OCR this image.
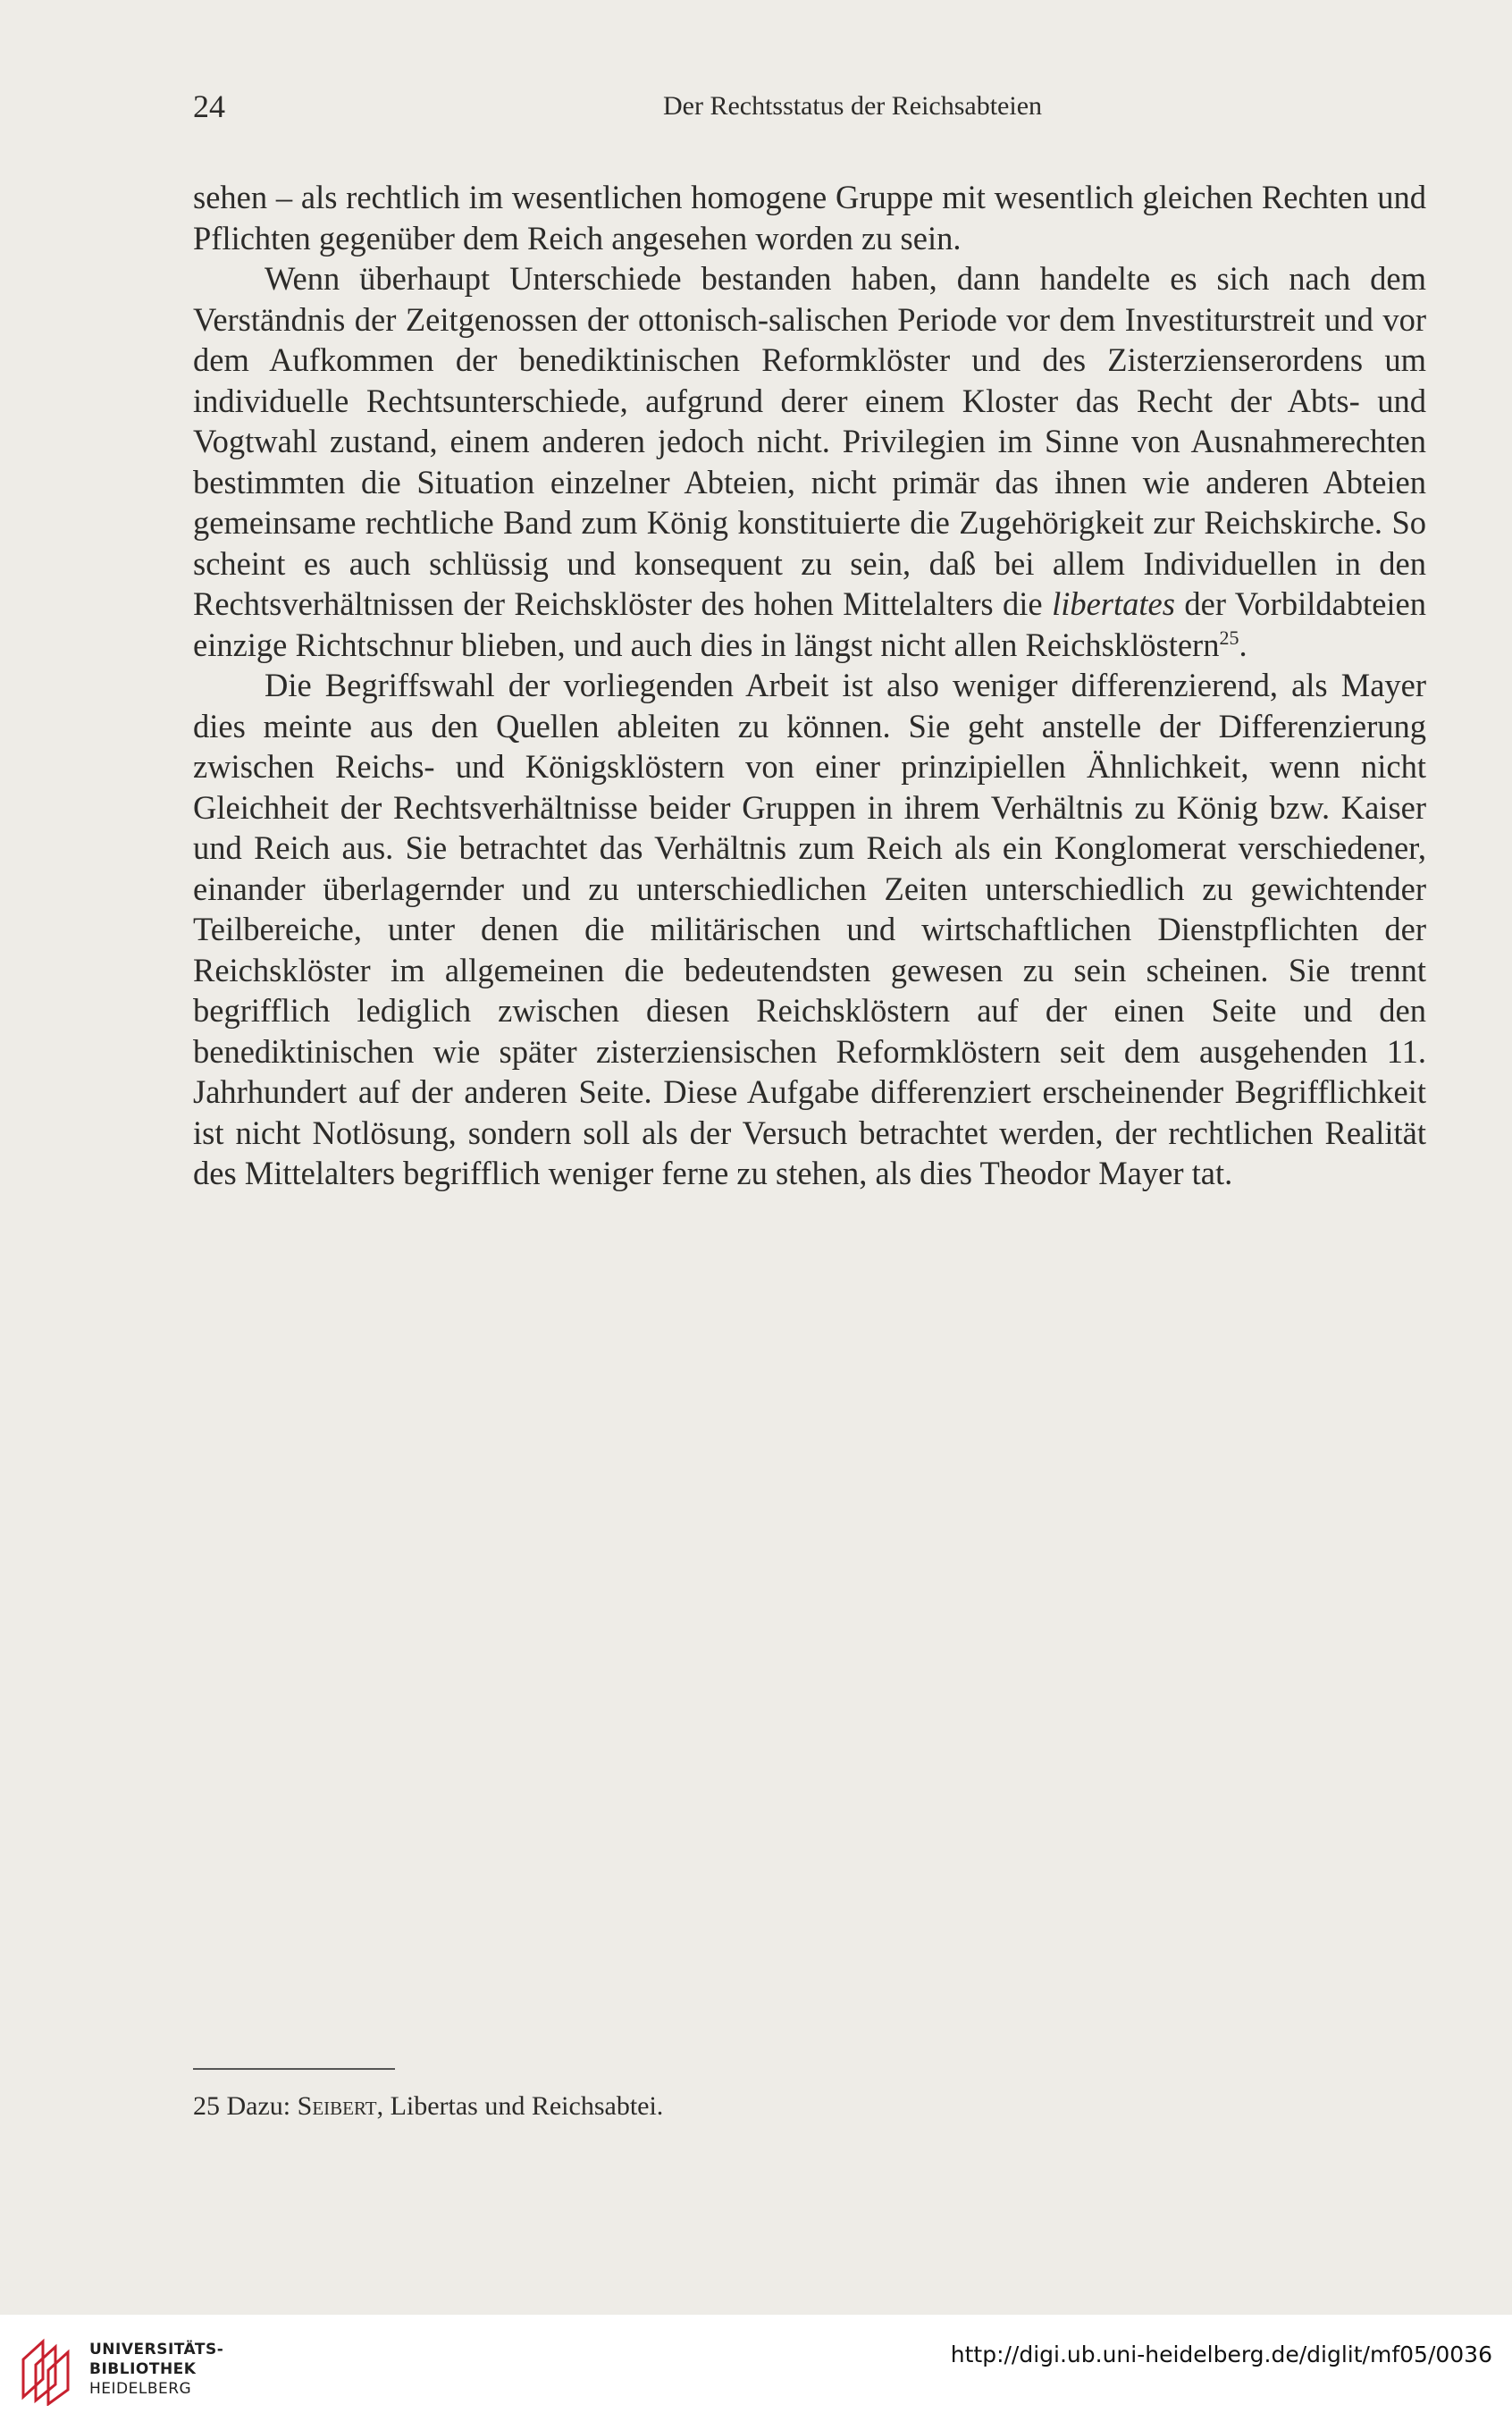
24	Der Rechtsstatus der Reichsabteien

sehen – als rechtlich im wesentlichen homogene Gruppe mit wesentlich gleichen Rechten und Pflichten gegenüber dem Reich angesehen worden zu sein.

Wenn überhaupt Unterschiede bestanden haben, dann handelte es sich nach dem Verständnis der Zeitgenossen der ottonisch-salischen Periode vor dem Investiturstreit und vor dem Aufkommen der benediktinischen Reformklöster und des Zisterzienserordens um individuelle Rechtsunterschiede, aufgrund derer einem Kloster das Recht der Abts- und Vogtwahl zustand, einem anderen jedoch nicht. Privilegien im Sinne von Ausnahmerechten bestimmten die Situation einzelner Abteien, nicht primär das ihnen wie anderen Abteien gemeinsame rechtliche Band zum König konstituierte die Zugehörigkeit zur Reichskirche. So scheint es auch schlüssig und konsequent zu sein, daß bei allem Individuellen in den Rechtsverhältnissen der Reichsklöster des hohen Mittelalters die libertates der Vorbildabteien einzige Richtschnur blieben, und auch dies in längst nicht allen Reichsklöstern$^{25}$.

Die Begriffswahl der vorliegenden Arbeit ist also weniger differenzierend, als Mayer dies meinte aus den Quellen ableiten zu können. Sie geht anstelle der Differenzierung zwischen Reichs- und Königsklöstern von einer prinzipiellen Ähnlichkeit, wenn nicht Gleichheit der Rechtsverhältnisse beider Gruppen in ihrem Verhältnis zu König bzw. Kaiser und Reich aus. Sie betrachtet das Verhältnis zum Reich als ein Konglomerat verschiedener, einander überlagernder und zu unterschiedlichen Zeiten unterschiedlich zu gewichtender Teilbereiche, unter denen die militärischen und wirtschaftlichen Dienstpflichten der Reichsklöster im allgemeinen die bedeutendsten gewesen zu sein scheinen. Sie trennt begrifflich lediglich zwischen diesen Reichsklöstern auf der einen Seite und den benediktinischen wie später zisterziensischen Reformklöstern seit dem ausgehenden 11. Jahrhundert auf der anderen Seite. Diese Aufgabe differenziert erscheinender Begrifflichkeit ist nicht Notlösung, sondern soll als der Versuch betrachtet werden, der rechtlichen Realität des Mittelalters begrifflich weniger ferne zu stehen, als dies Theodor Mayer tat.

25 Dazu: Seibert, Libertas und Reichsabtei.
UNIVERSITÄTS-
BIBLIOTHEK
HEIDELBERG
http://digi.ub.uni-heidelberg.de/diglit/mf05/0036
